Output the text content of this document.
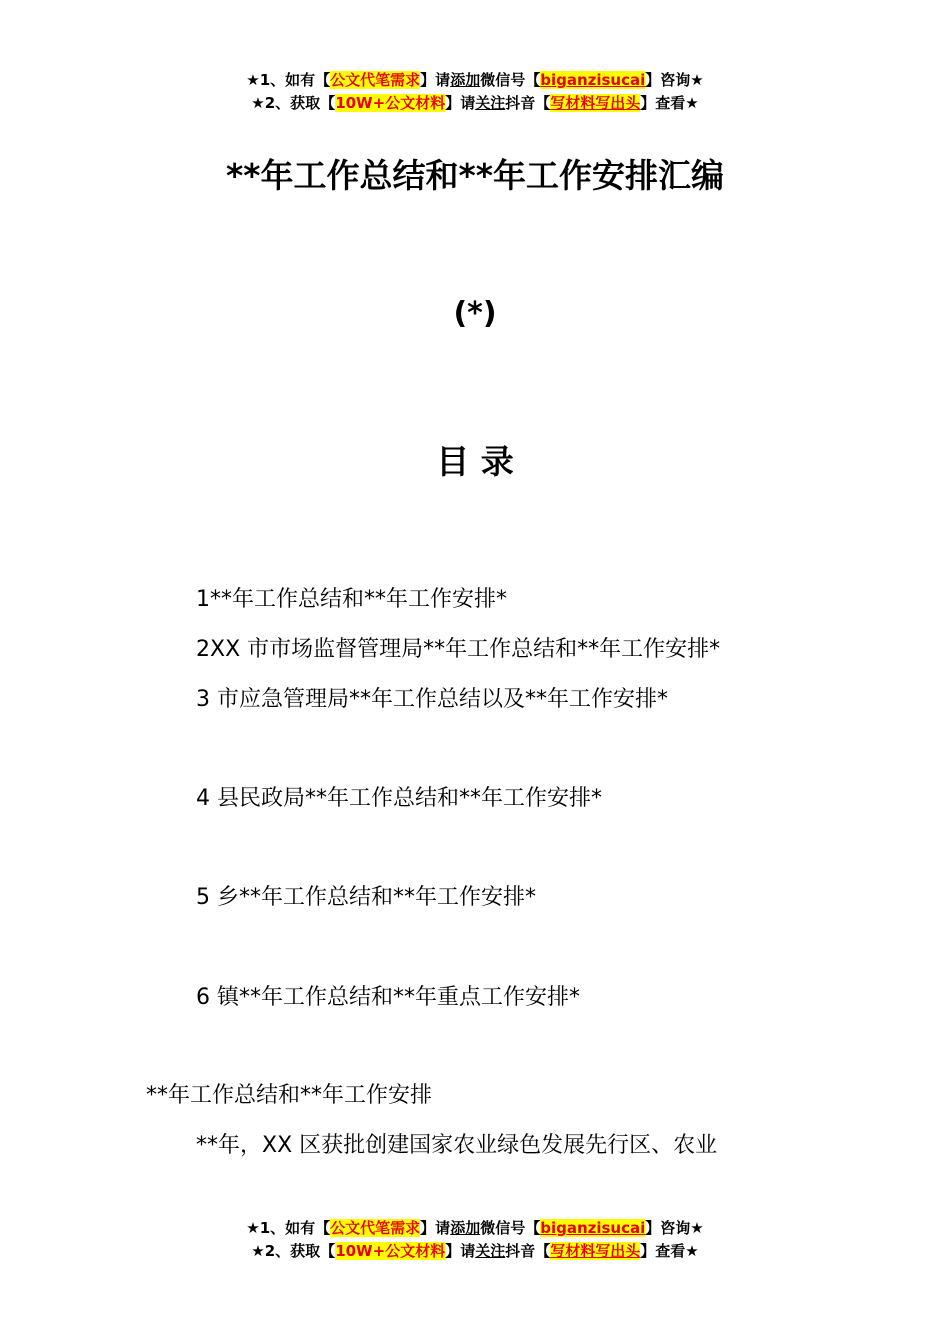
★1、如有【公文代笔需求】请添加微信号【biganzisucai】咨询★
★2、获取【10W+公文材料】请关注抖音【写材料写出头】查看★
**年工作总结和**年工作安排汇编
(*)
目 录
1**年工作总结和**年工作安排*
2XX 市市场监督管理局**年工作总结和**年工作安排*
3 市应急管理局**年工作总结以及**年工作安排*
4 县民政局**年工作总结和**年工作安排*
5 乡**年工作总结和**年工作安排*
6 镇**年工作总结和**年重点工作安排*
**年工作总结和**年工作安排
**年，XX 区获批创建国家农业绿色发展先行区、农业
★1、如有【公文代笔需求】请添加微信号【biganzisucai】咨询★
★2、获取【10W+公文材料】请关注抖音【写材料写出头】查看★
